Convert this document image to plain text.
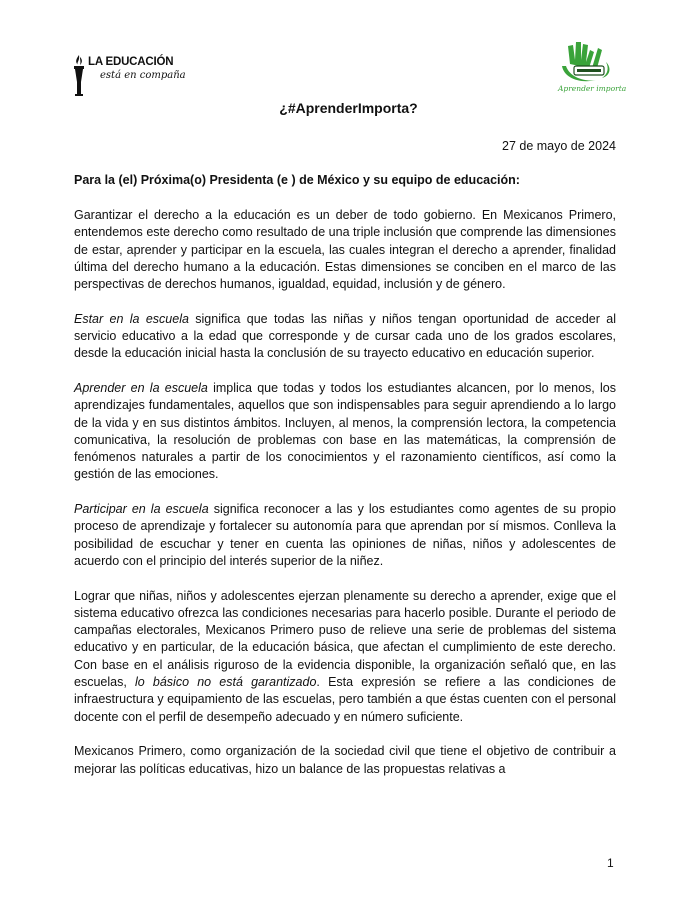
LA EDUCACIÓN
está en compaña
Aprender importa
¿#AprenderImporta?
27 de mayo de 2024
Para la (el) Próxima(o) Presidenta (e ) de México y su equipo de educación:

Garantizar el derecho a la educación es un deber de todo gobierno. En Mexicanos Primero, entendemos este derecho como resultado de una triple inclusión que comprende las dimensiones de estar, aprender y participar en la escuela, las cuales integran el derecho a aprender, finalidad última del derecho humano a la educación. Estas dimensiones se conciben en el marco de las perspectivas de derechos humanos, igualdad, equidad, inclusión y de género.

Estar en la escuela significa que todas las niñas y niños tengan oportunidad de acceder al servicio educativo a la edad que corresponde y de cursar cada uno de los grados escolares, desde la educación inicial hasta la conclusión de su trayecto educativo en educación superior.

Aprender en la escuela implica que todas y todos los estudiantes alcancen, por lo menos, los aprendizajes fundamentales, aquellos que son indispensables para seguir aprendiendo a lo largo de la vida y en sus distintos ámbitos. Incluyen, al menos, la comprensión lectora, la competencia comunicativa, la resolución de problemas con base en las matemáticas, la comprensión de fenómenos naturales a partir de los conocimientos y el razonamiento científicos, así como la gestión de las emociones.

Participar en la escuela significa reconocer a las y los estudiantes como agentes de su propio proceso de aprendizaje y fortalecer su autonomía para que aprendan por sí mismos. Conlleva la posibilidad de escuchar y tener en cuenta las opiniones de niñas, niños y adolescentes de acuerdo con el principio del interés superior de la niñez.

Lograr que niñas, niños y adolescentes ejerzan plenamente su derecho a aprender, exige que el sistema educativo ofrezca las condiciones necesarias para hacerlo posible. Durante el periodo de campañas electorales, Mexicanos Primero puso de relieve una serie de problemas del sistema educativo y en particular, de la educación básica, que afectan el cumplimiento de este derecho. Con base en el análisis riguroso de la evidencia disponible, la organización señaló que, en las escuelas, lo básico no está garantizado. Esta expresión se refiere a las condiciones de infraestructura y equipamiento de las escuelas, pero también a que éstas cuenten con el personal docente con el perfil de desempeño adecuado y en número suficiente.

Mexicanos Primero, como organización de la sociedad civil que tiene el objetivo de contribuir a mejorar las políticas educativas, hizo un balance de las propuestas relativas a

1
